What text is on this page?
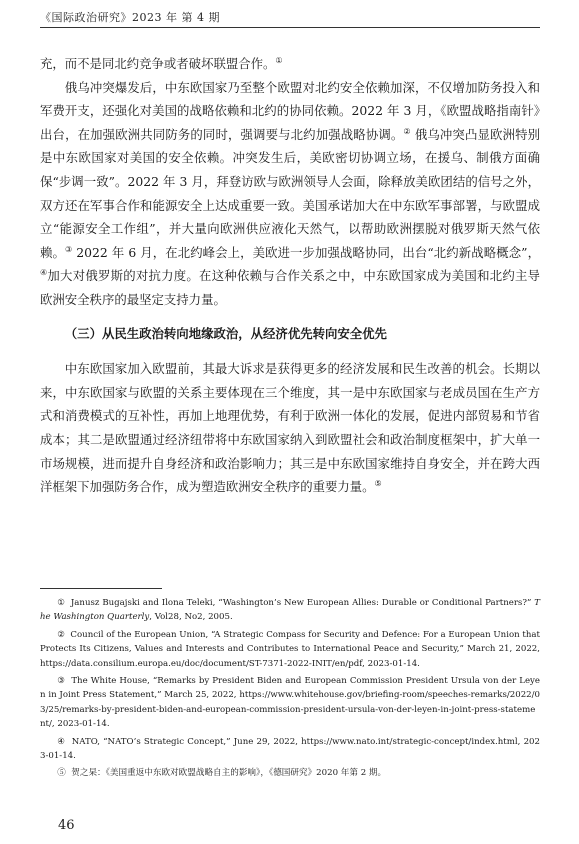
《国际政治研究》2023 年 第 4 期

充，而不是同北约竞争或者破坏联盟合作。①

俄乌冲突爆发后，中东欧国家乃至整个欧盟对北约安全依赖加深，不仅增加防务投入和军费开支，还强化对美国的战略依赖和北约的协同依赖。2022 年 3 月，《欧盟战略指南针》出台，在加强欧洲共同防务的同时，强调要与北约加强战略协调。② 俄乌冲突凸显欧洲特别是中东欧国家对美国的安全依赖。冲突发生后，美欧密切协调立场，在援乌、制俄方面确保“步调一致”。2022 年 3 月，拜登访欧与欧洲领导人会面，除释放美欧团结的信号之外，双方还在军事合作和能源安全上达成重要一致。美国承诺加大在中东欧军事部署，与欧盟成立“能源安全工作组”，并大量向欧洲供应液化天然气，以帮助欧洲摆脱对俄罗斯天然气依赖。③ 2022 年 6 月，在北约峰会上，美欧进一步加强战略协同，出台“北约新战略概念”，④加大对俄罗斯的对抗力度。在这种依赖与合作关系之中，中东欧国家成为美国和北约主导欧洲安全秩序的最坚定支持力量。

（三）从民生政治转向地缘政治，从经济优先转向安全优先

中东欧国家加入欧盟前，其最大诉求是获得更多的经济发展和民生改善的机会。长期以来，中东欧国家与欧盟的关系主要体现在三个维度，其一是中东欧国家与老成员国在生产方式和消费模式的互补性，再加上地理优势，有利于欧洲一体化的发展，促进内部贸易和节省成本；其二是欧盟通过经济纽带将中东欧国家纳入到欧盟社会和政治制度框架中，扩大单一市场规模，进而提升自身经济和政治影响力；其三是中东欧国家维持自身安全，并在跨大西洋框架下加强防务合作，成为塑造欧洲安全秩序的重要力量。⑤

① Janusz Bugajski and Ilona Teleki, “Washington’s New European Allies: Durable or Conditional Partners?” The Washington Quarterly, Vol28, No2, 2005.

② Council of the European Union, “A Strategic Compass for Security and Defence: For a European Union that Protects Its Citizens, Values and Interests and Contributes to International Peace and Security,” March 21, 2022, https://data.consilium.europa.eu/doc/document/ST-7371-2022-INIT/en/pdf, 2023-01-14.

③ The White House, “Remarks by President Biden and European Commission President Ursula von der Leyen in Joint Press Statement,” March 25, 2022, https://www.whitehouse.gov/briefing-room/speeches-remarks/2022/03/25/remarks-by-president-biden-and-european-commission-president-ursula-von-der-leyen-in-joint-press-statement/, 2023-01-14.

④ NATO, “NATO’s Strategic Concept,” June 29, 2022, https://www.nato.int/strategic-concept/index.html, 2023-01-14.

⑤ 贺之杲：《美国重返中东欧对欧盟战略自主的影响》，《德国研究》2020 年第 2 期。

46
